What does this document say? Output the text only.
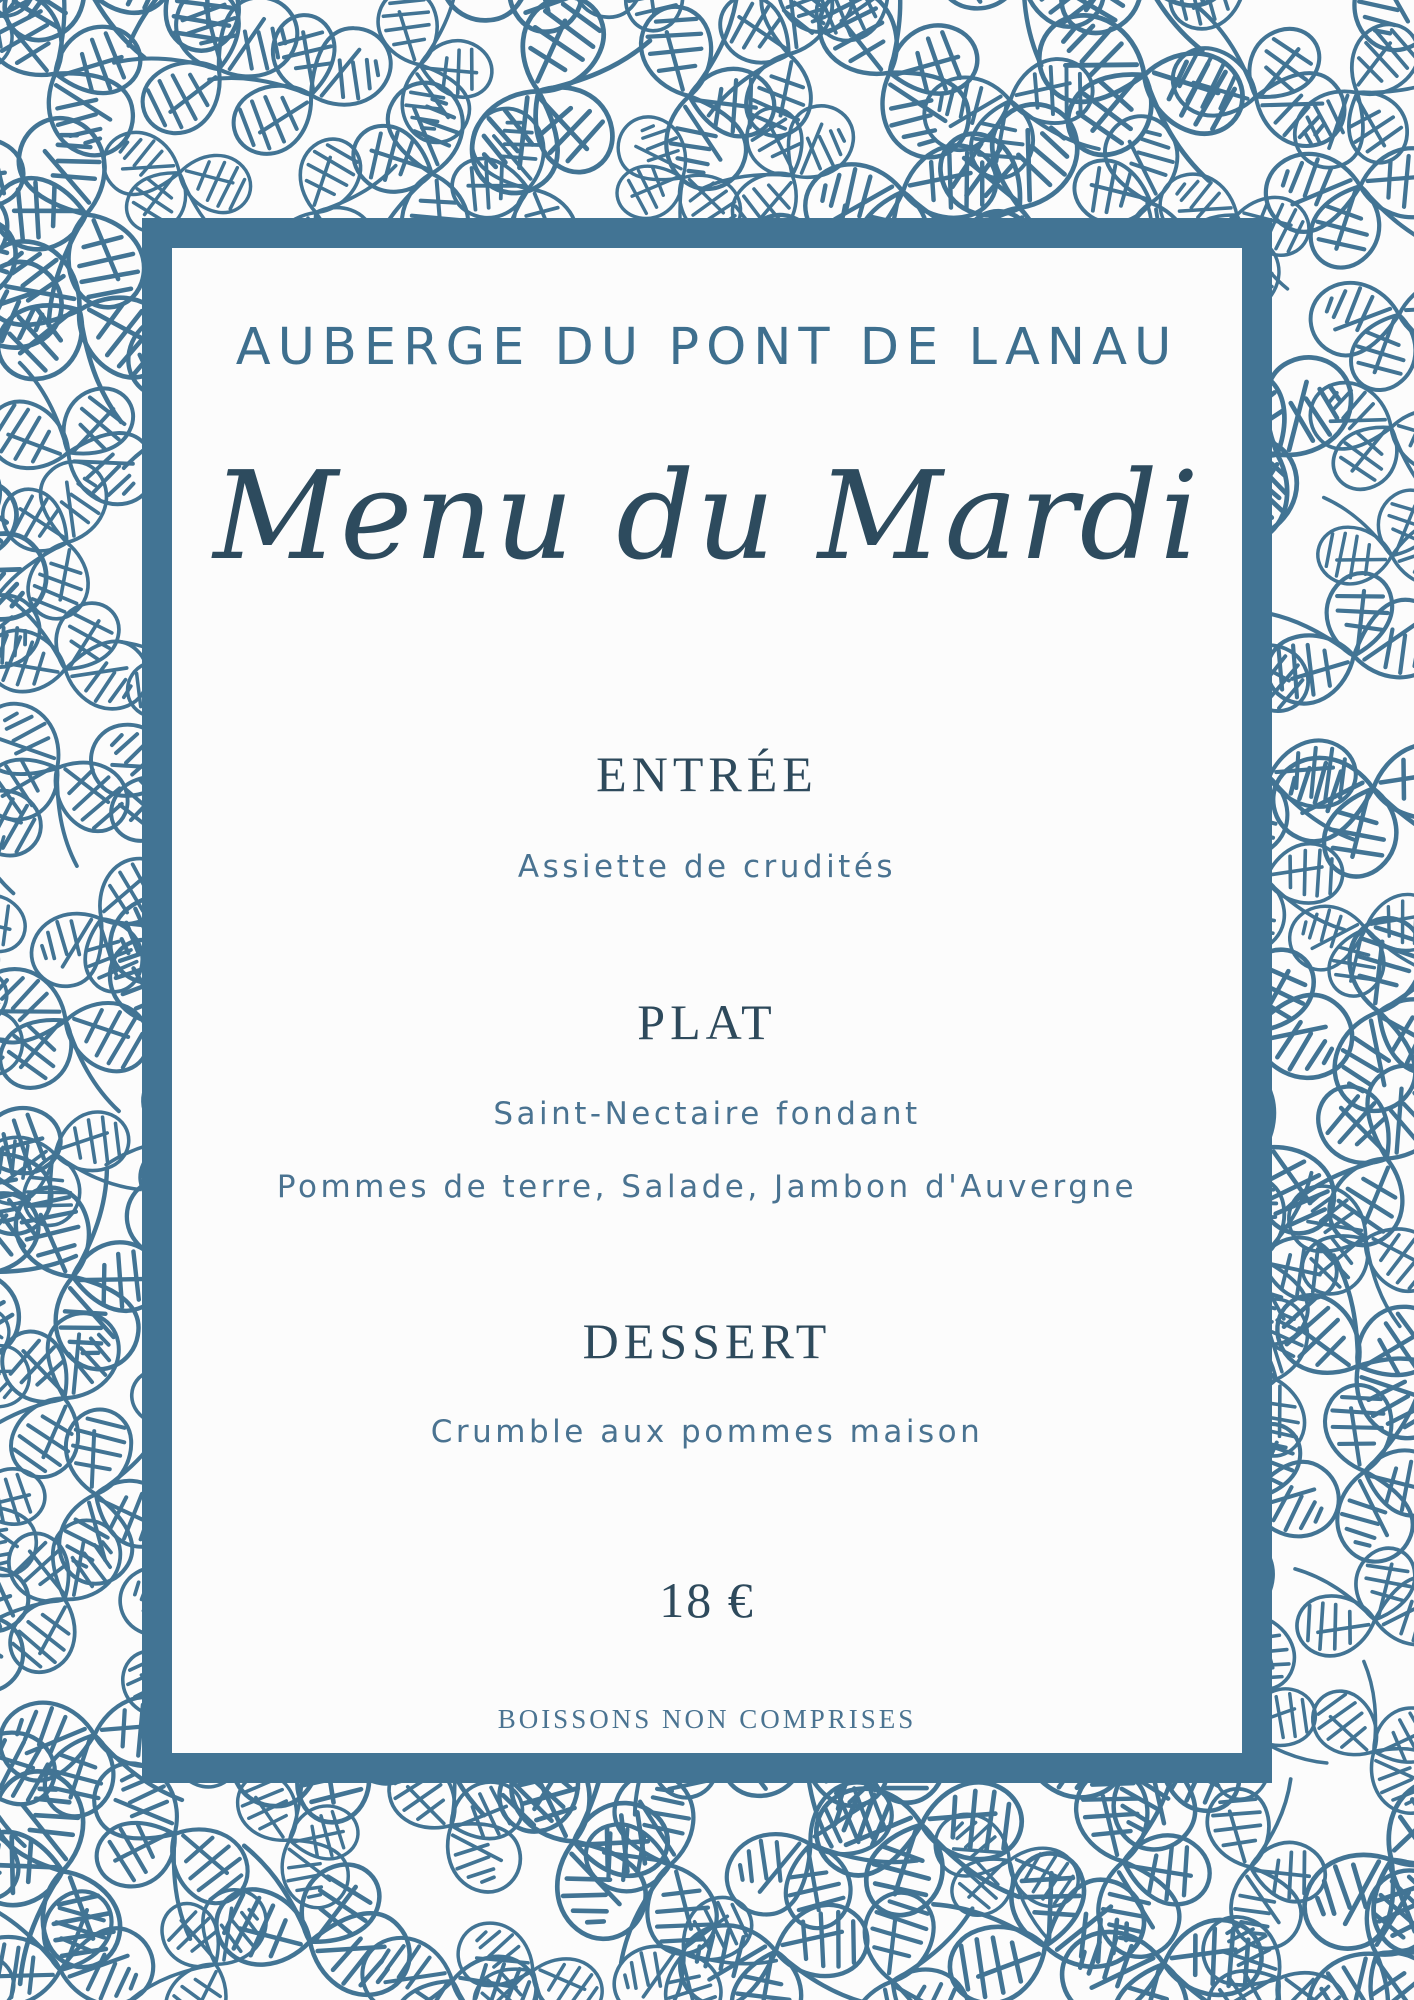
AUBERGE DU PONT DE LANAU
Menu du Mardi
ENTRÉE
Assiette de crudités
PLAT
Saint-Nectaire fondant
Pommes de terre, Salade, Jambon d'Auvergne
DESSERT
Crumble aux pommes maison
18 €
BOISSONS NON COMPRISES
